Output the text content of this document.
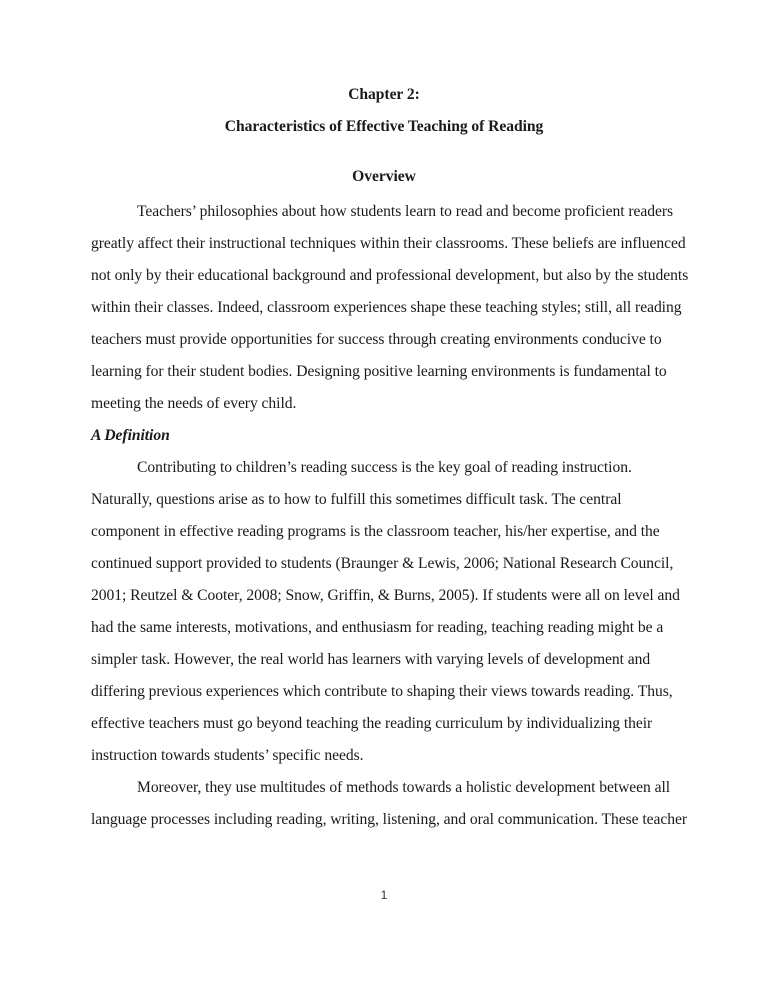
Chapter 2:
Characteristics of Effective Teaching of Reading
Overview
Teachers’ philosophies about how students learn to read and become proficient readers
greatly affect their instructional techniques within their classrooms. These beliefs are influenced
not only by their educational background and professional development, but also by the students
within their classes. Indeed, classroom experiences shape these teaching styles; still, all reading
teachers must provide opportunities for success through creating environments conducive to
learning for their student bodies. Designing positive learning environments is fundamental to
meeting the needs of every child.
A Definition
Contributing to children’s reading success is the key goal of reading instruction.
Naturally, questions arise as to how to fulfill this sometimes difficult task. The central
component in effective reading programs is the classroom teacher, his/her expertise, and the
continued support provided to students (Braunger & Lewis, 2006; National Research Council,
2001; Reutzel & Cooter, 2008; Snow, Griffin, & Burns, 2005). If students were all on level and
had the same interests, motivations, and enthusiasm for reading, teaching reading might be a
simpler task. However, the real world has learners with varying levels of development and
differing previous experiences which contribute to shaping their views towards reading. Thus,
effective teachers must go beyond teaching the reading curriculum by individualizing their
instruction towards students’ specific needs.
Moreover, they use multitudes of methods towards a holistic development between all
language processes including reading, writing, listening, and oral communication. These teacher
1
